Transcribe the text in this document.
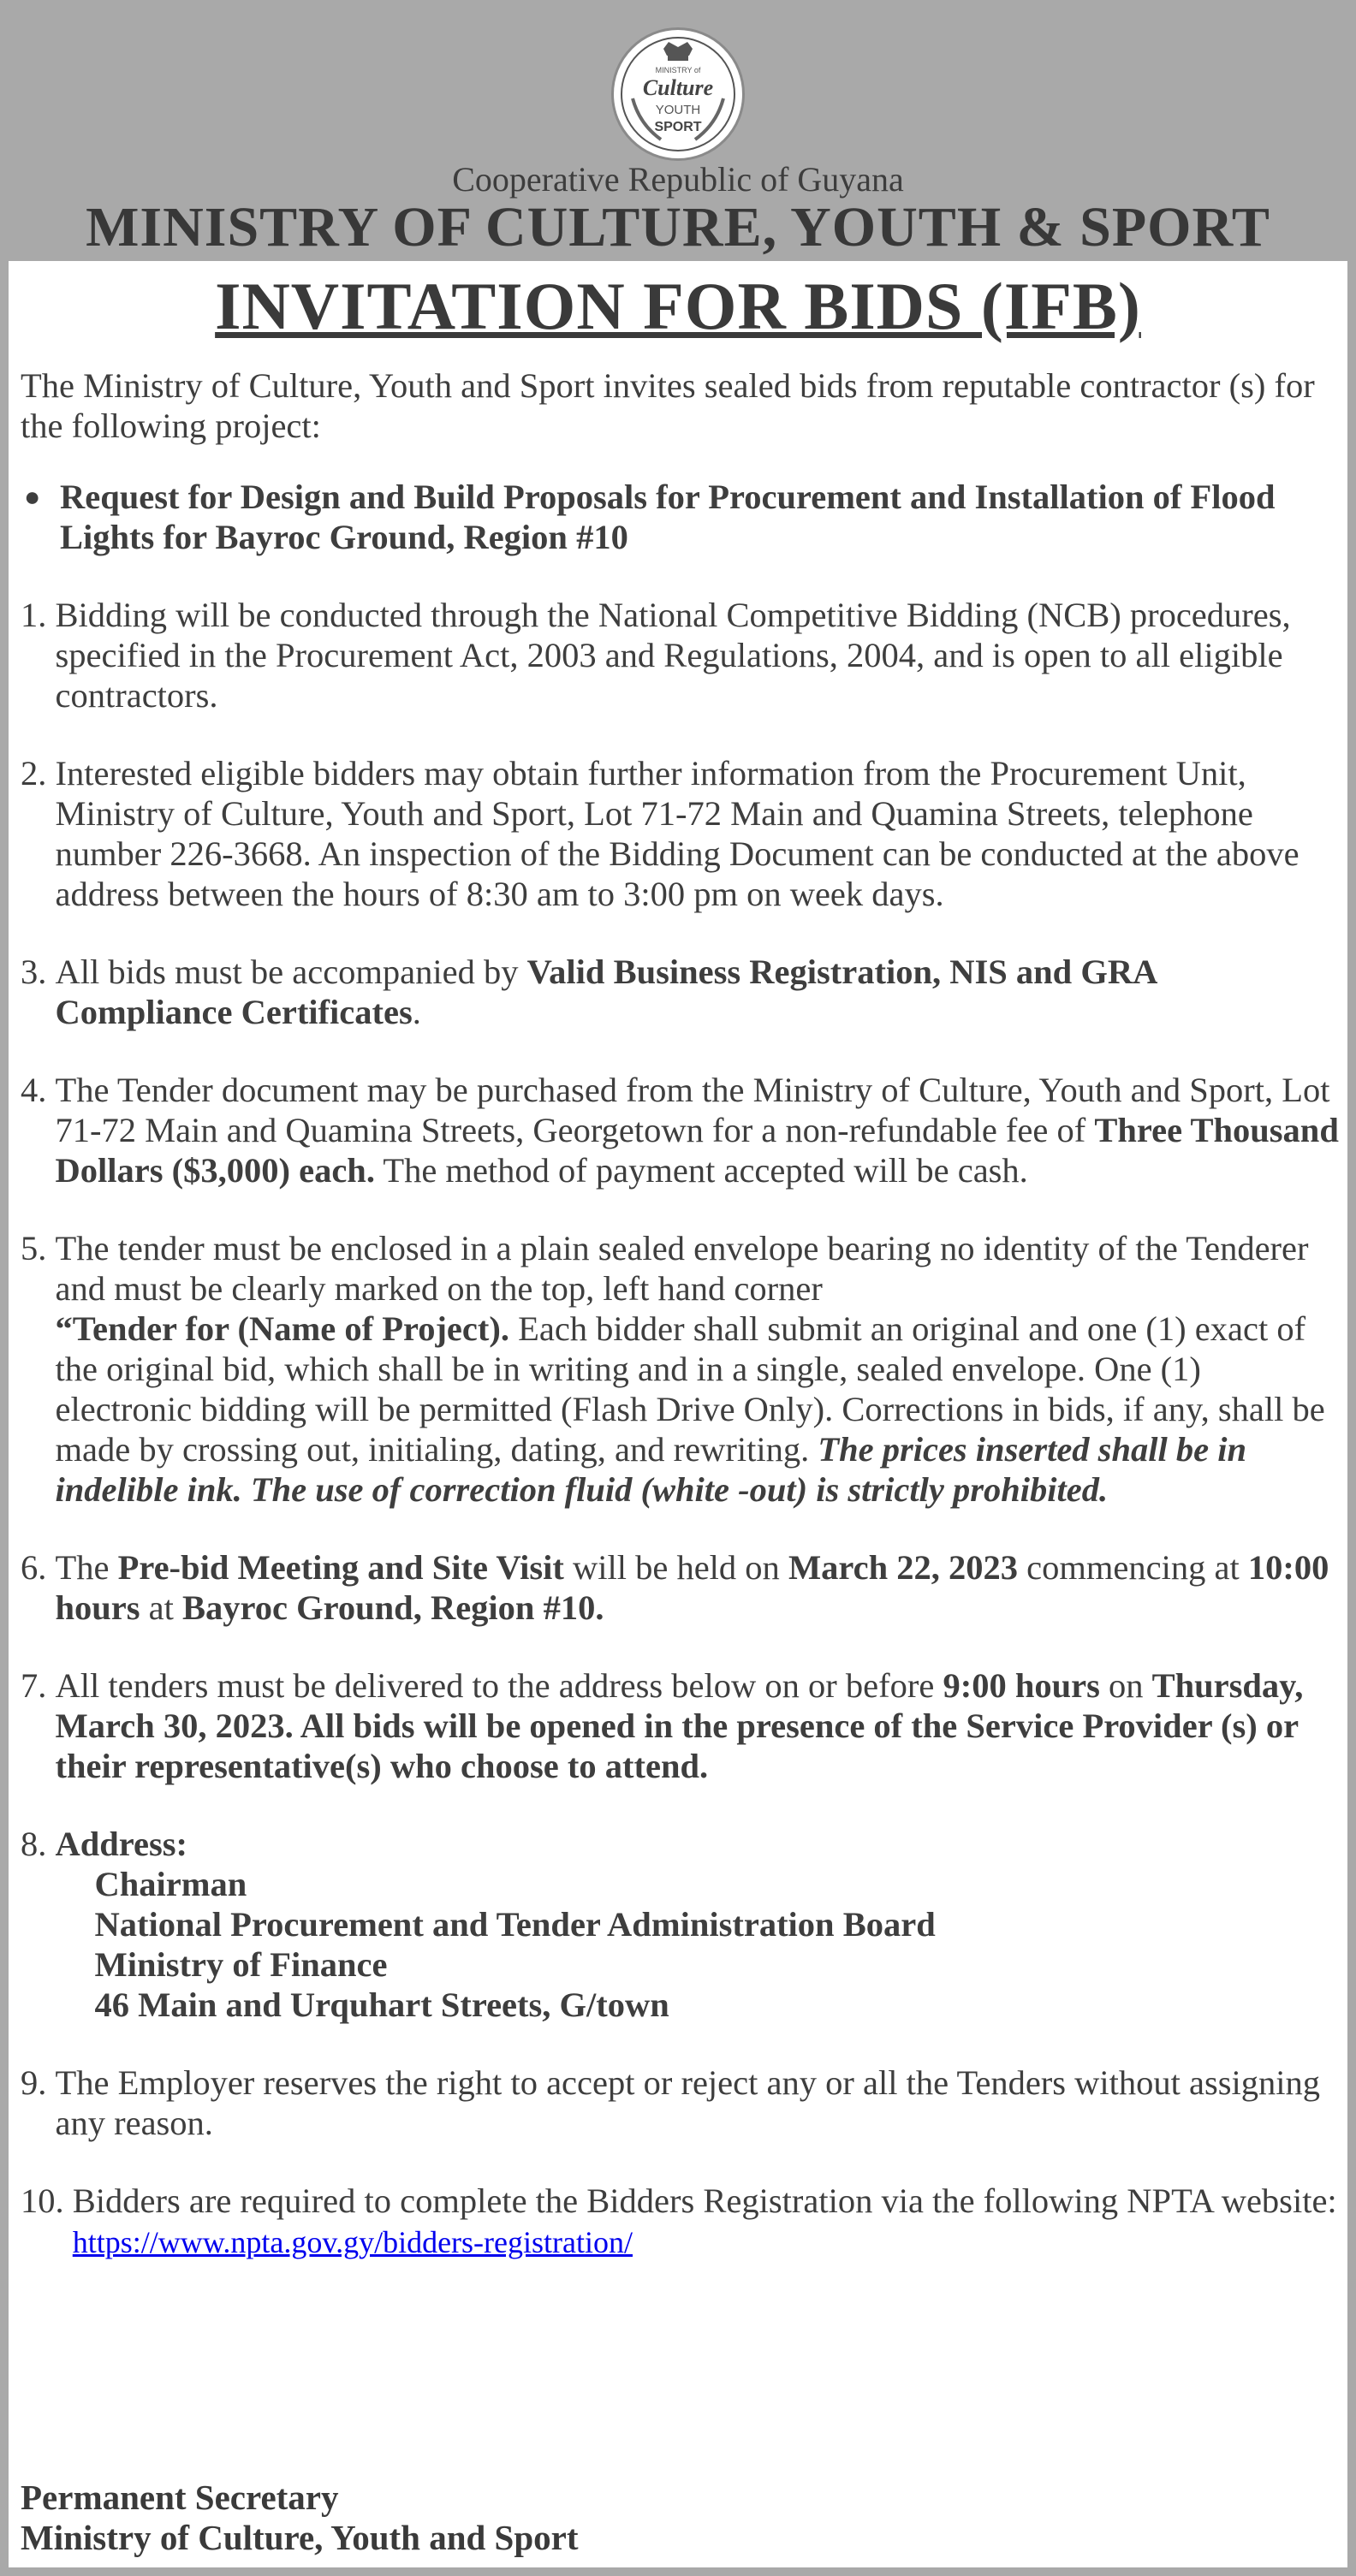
MINISTRY of
Culture
YOUTH
SPORT
Cooperative Republic of Guyana
MINISTRY OF CULTURE, YOUTH & SPORT
INVITATION FOR BIDS (IFB)

The Ministry of Culture, Youth and Sport invites sealed bids from reputable contractor (s) for the following project:

● Request for Design and Build Proposals for Procurement and Installation of Flood Lights for Bayroc Ground, Region #10
1. Bidding will be conducted through the National Competitive Bidding (NCB) procedures, specified in the Procurement Act, 2003 and Regulations, 2004, and is open to all eligible contractors.
2. Interested eligible bidders may obtain further information from the Procurement Unit, Ministry of Culture, Youth and Sport, Lot 71-72 Main and Quamina Streets, telephone number 226-3668. An inspection of the Bidding Document can be conducted at the above address between the hours of 8:30 am to 3:00 pm on week days.
3. All bids must be accompanied by Valid Business Registration, NIS and GRA Compliance Certificates.
4. The Tender document may be purchased from the Ministry of Culture, Youth and Sport, Lot 71-72 Main and Quamina Streets, Georgetown for a non-refundable fee of Three Thousand Dollars ($3,000) each. The method of payment accepted will be cash.
5. The tender must be enclosed in a plain sealed envelope bearing no identity of the Tenderer and must be clearly marked on the top, left hand corner
“Tender for (Name of Project). Each bidder shall submit an original and one (1) exact of the original bid, which shall be in writing and in a single, sealed envelope. One (1) electronic bidding will be permitted (Flash Drive Only). Corrections in bids, if any, shall be made by crossing out, initialing, dating, and rewriting. The prices inserted shall be in indelible ink. The use of correction fluid (white -out) is strictly prohibited.
6. The Pre-bid Meeting and Site Visit will be held on March 22, 2023 commencing at 10:00 hours at Bayroc Ground, Region #10.
7. All tenders must be delivered to the address below on or before 9:00 hours on Thursday, March 30, 2023. All bids will be opened in the presence of the Service Provider (s) or their representative(s) who choose to attend.
8. Address:
Chairman
National Procurement and Tender Administration Board
Ministry of Finance
46 Main and Urquhart Streets, G/town
9. The Employer reserves the right to accept or reject any or all the Tenders without assigning any reason.
10. Bidders are required to complete the Bidders Registration via the following NPTA website: https://www.npta.gov.gy/bidders-registration/
Permanent Secretary
Ministry of Culture, Youth and Sport
